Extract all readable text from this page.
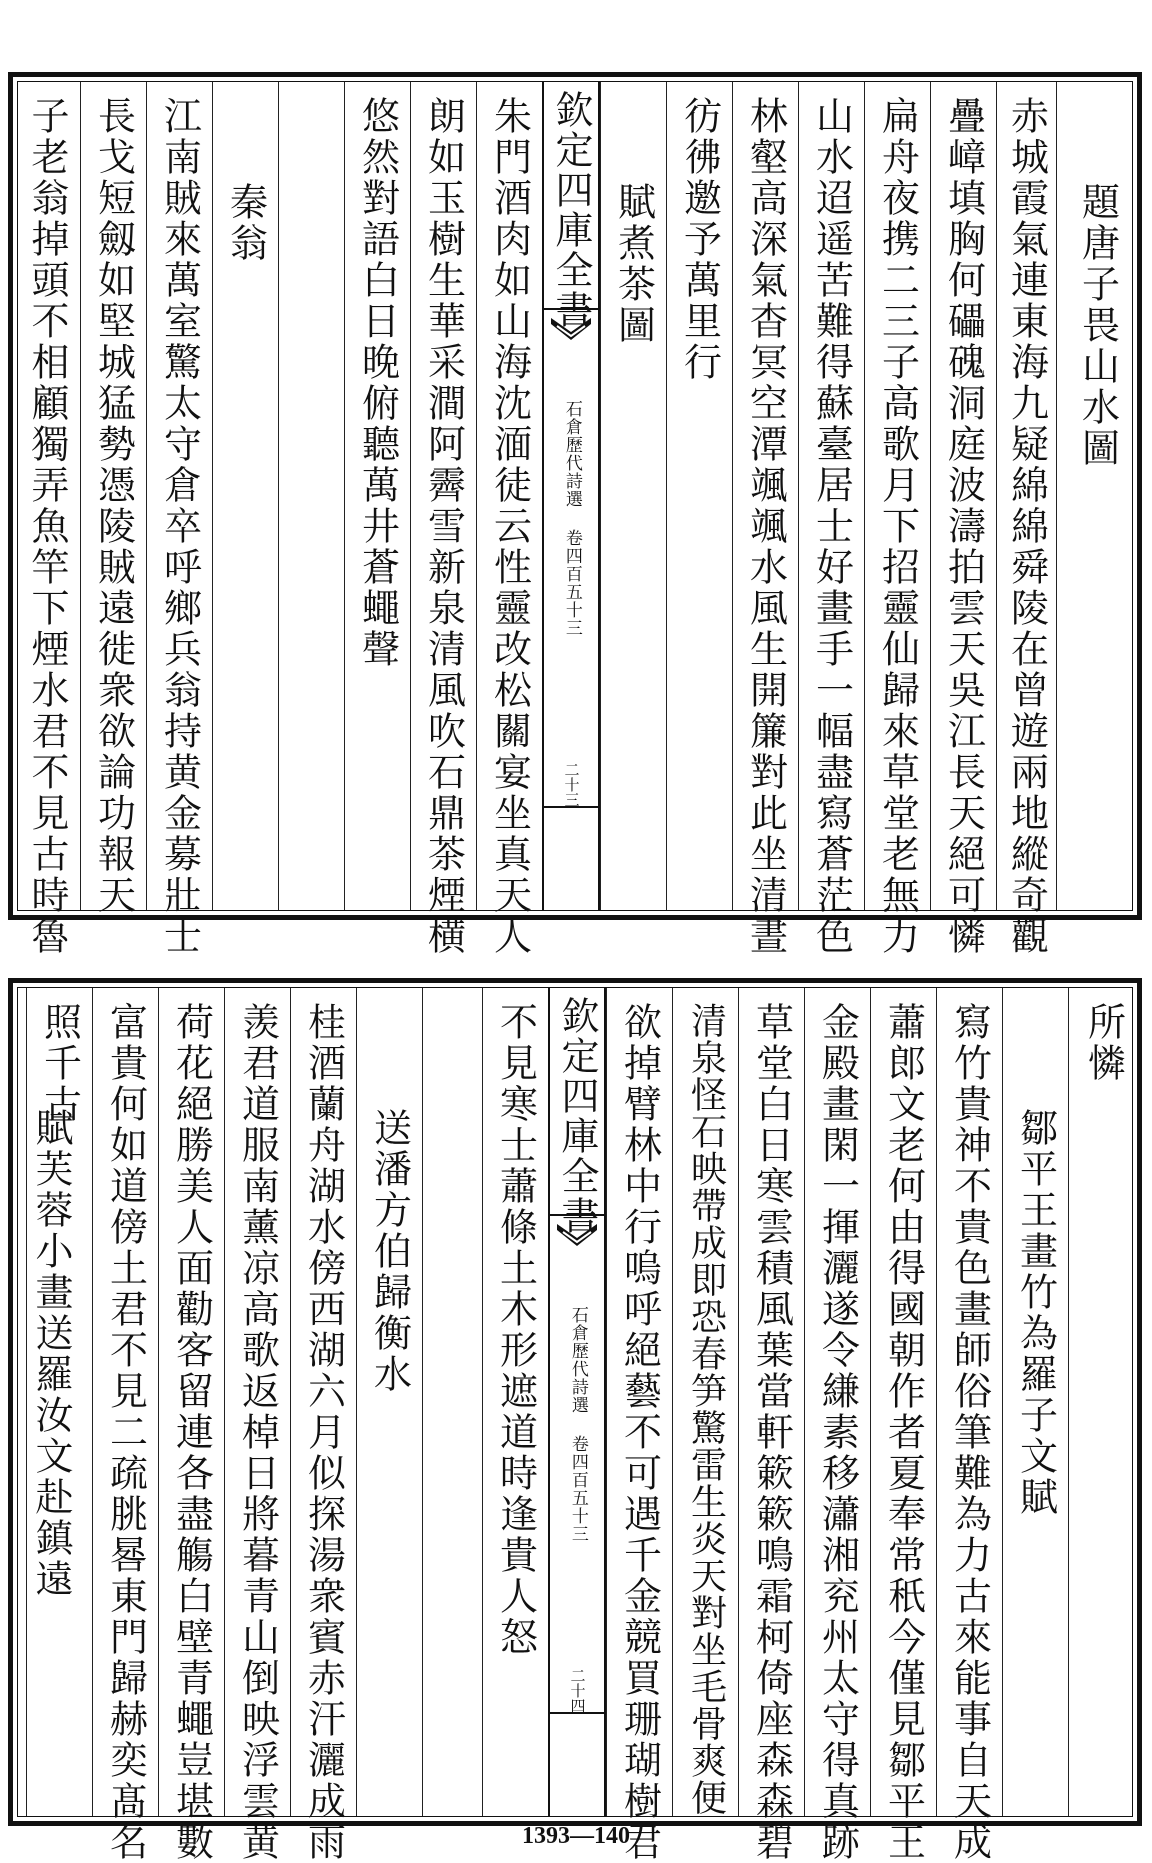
題唐子畏山水圖
赤城霞氣連東海九疑綿綿舜陵在曾遊兩地縱奇觀
疊嶂填胸何礧磈洞庭波濤拍雲天吳江長天絕可憐
扁舟夜携二三子高歌月下招靈仙歸來草堂老無力
山水迢遥苦難得蘇臺居士好畫手一幅盡寫蒼茫色
林壑高深氣杳冥空潭颯颯水風生開簾對此坐清晝
彷彿邀予萬里行
賦煮茶圖
欽定四庫全書
石倉歷代詩選 卷四百五十三
二十三
朱門酒肉如山海沈湎徒云性靈改松關宴坐真天人
朗如玉樹生華采澗阿霽雪新泉清風吹石鼎茶煙横
悠然對語白日晚俯聽萬井蒼蠅聲
秦翁
江南賊來萬室驚太守倉卒呼鄉兵翁持黄金募壯士
長戈短劔如堅城猛勢憑陵賊遠徙衆欲論功報天
子老翁掉頭不相顧獨弄魚竿下煙水君不見古時魯
所憐
鄒平王畫竹為羅子文賦
寫竹貴神不貴色畫師俗筆難為力古來能事自天成
蕭郎文老何由得國朝作者夏奉常秖今僅見鄒平王
金殿畫閑一揮灑遂令縑素移瀟湘兖州太守得真跡
草堂白日寒雲積風葉當軒簌簌鳴霜柯倚座森森碧
清泉怪石映帶成即恐春笋驚雷生炎天對坐毛骨爽便
欲掉臂林中行嗚呼絕藝不可遇千金競買珊瑚樹君
欽定四庫全書
石倉歷代詩選 卷四百五十三
二十四
不見寒士蕭條土木形遮道時逢貴人怒
送潘方伯歸衡水
桂酒蘭舟湖水傍西湖六月似探湯衆賓赤汗灑成雨
羡君道服南薰凉高歌返棹日將暮青山倒映浮雲黄
荷花絕勝美人面勸客留連各盡觴白壁青蠅豈堪數
富貴何如道傍土君不見二疏朓晷東門歸赫奕髙名
照千古
賦芙蓉小畫送羅汝文赴鎮遠
1393—140
